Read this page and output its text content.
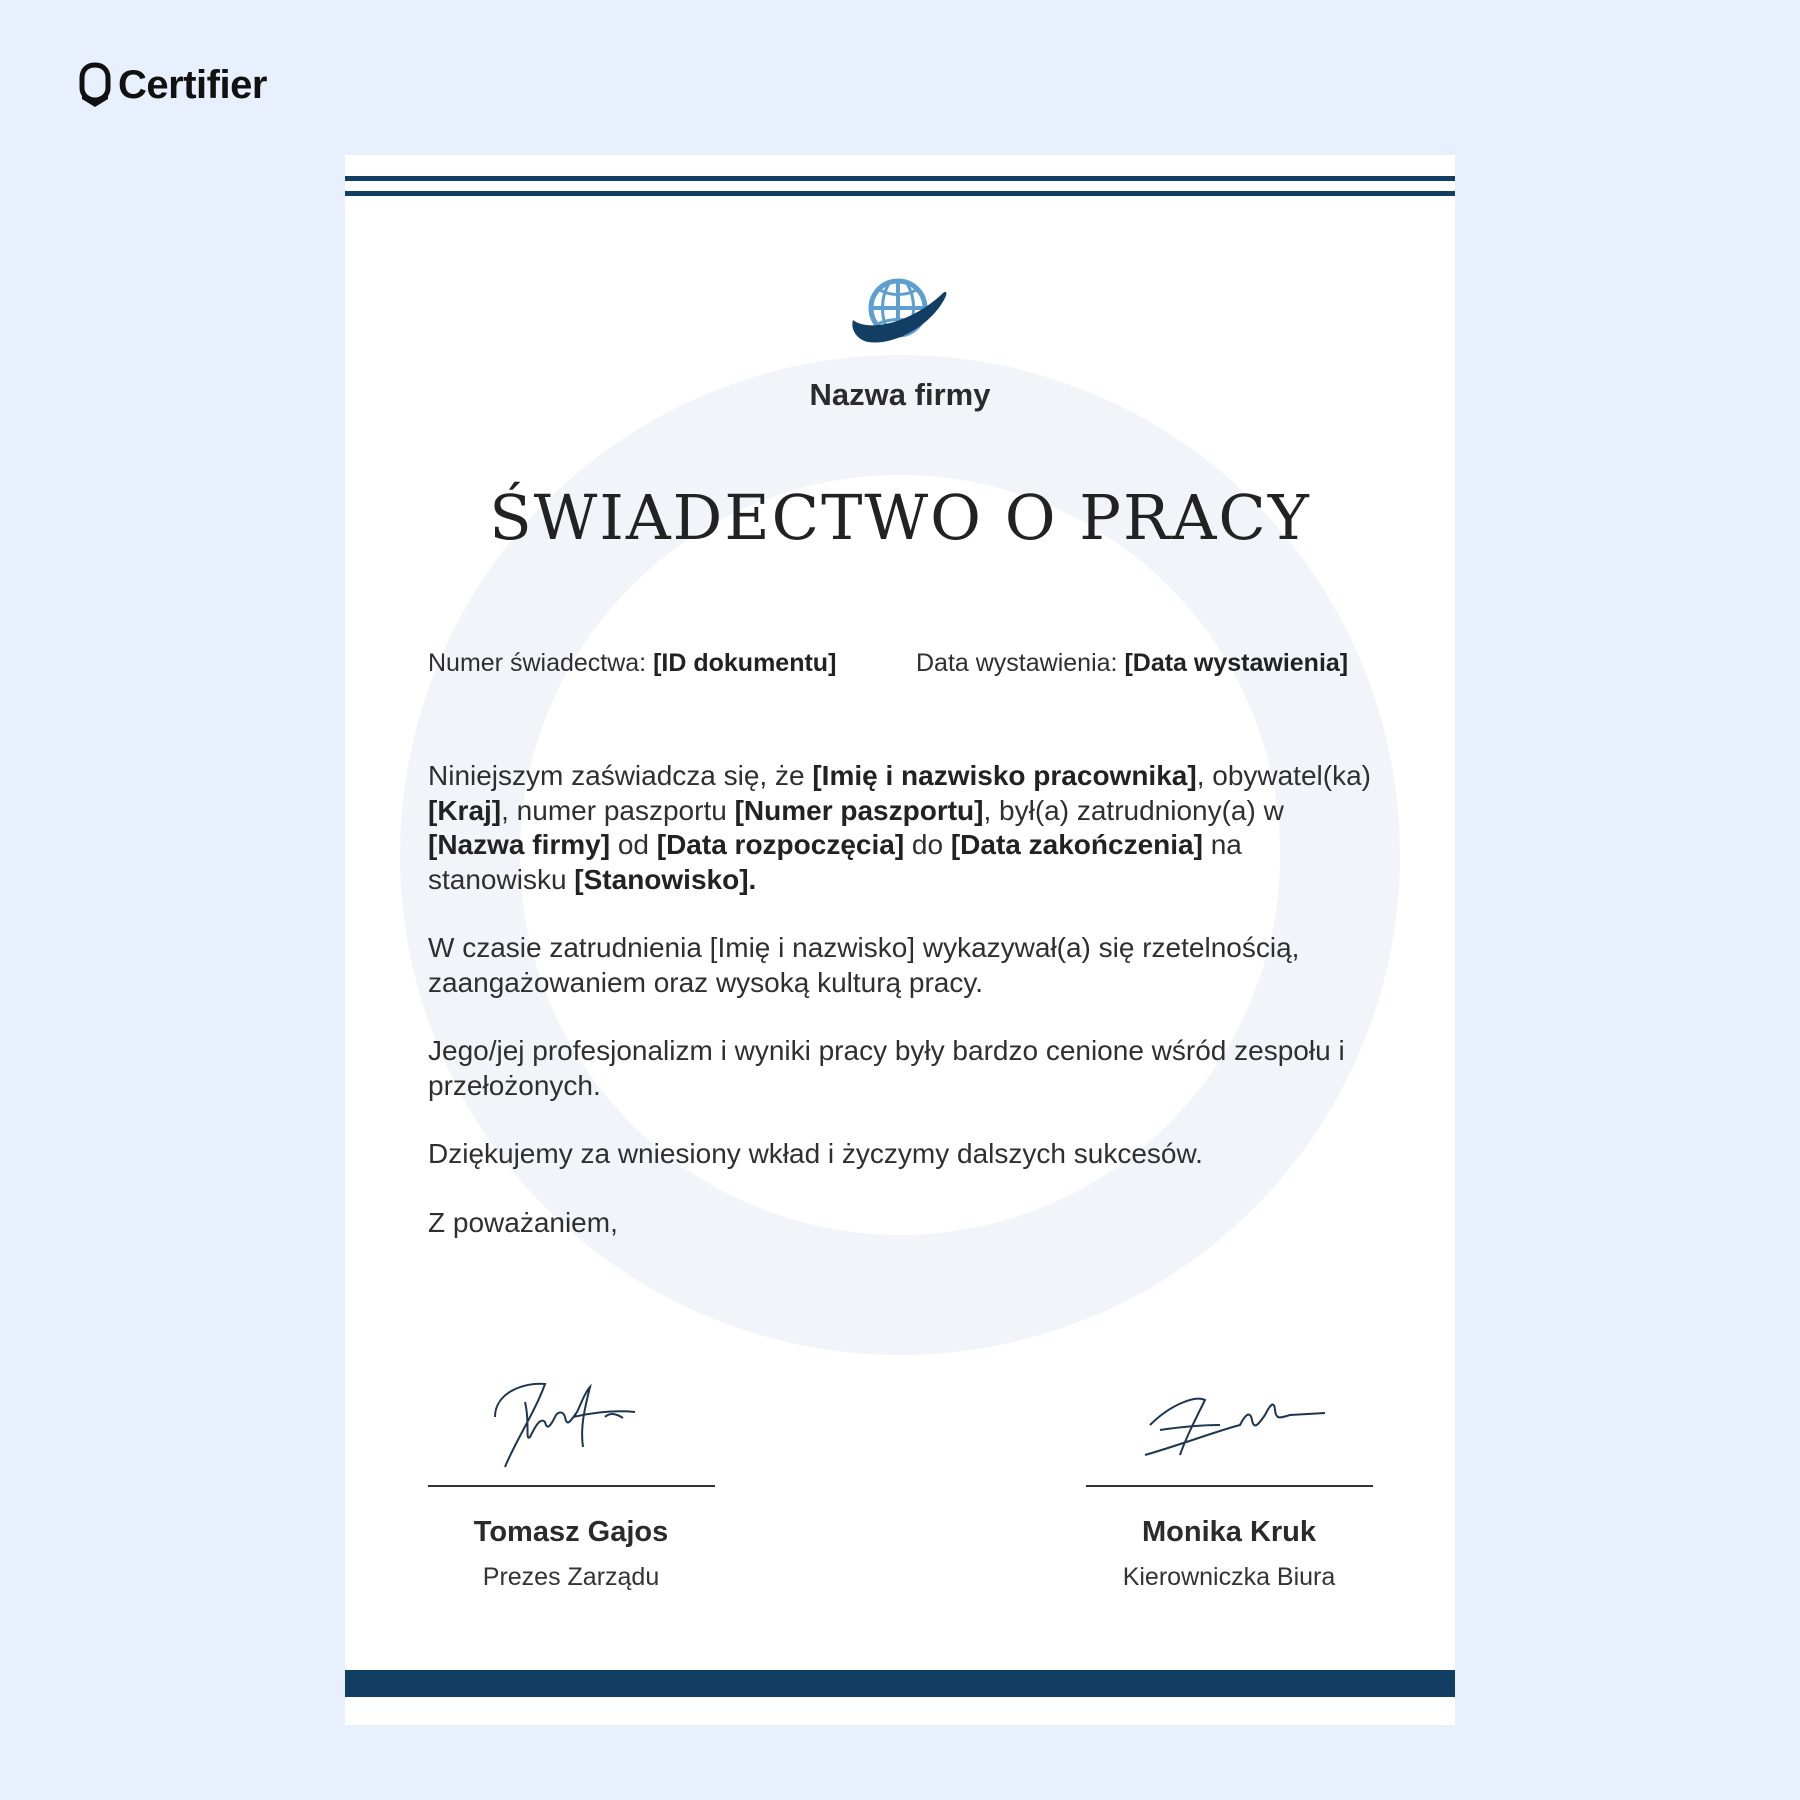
Certifier
Nazwa firmy
ŚWIADECTWO O PRACY
Numer świadectwa: [ID dokumentu]	Data wystawienia: [Data wystawienia]

Niniejszym zaświadcza się, że [Imię i nazwisko pracownika], obywatel(ka) [Kraj], numer paszportu [Numer paszportu], był(a) zatrudniony(a) w [Nazwa firmy] od [Data rozpoczęcia] do [Data zakończenia] na stanowisku [Stanowisko].

W czasie zatrudnienia [Imię i nazwisko] wykazywał(a) się rzetelnością, zaangażowaniem oraz wysoką kulturą pracy.

Jego/jej profesjonalizm i wyniki pracy były bardzo cenione wśród zespołu i przełożonych.

Dziękujemy za wniesiony wkład i życzymy dalszych sukcesów.

Z poważaniem,

Tomasz Gajos
Prezes Zarządu
Monika Kruk
Kierowniczka Biura
